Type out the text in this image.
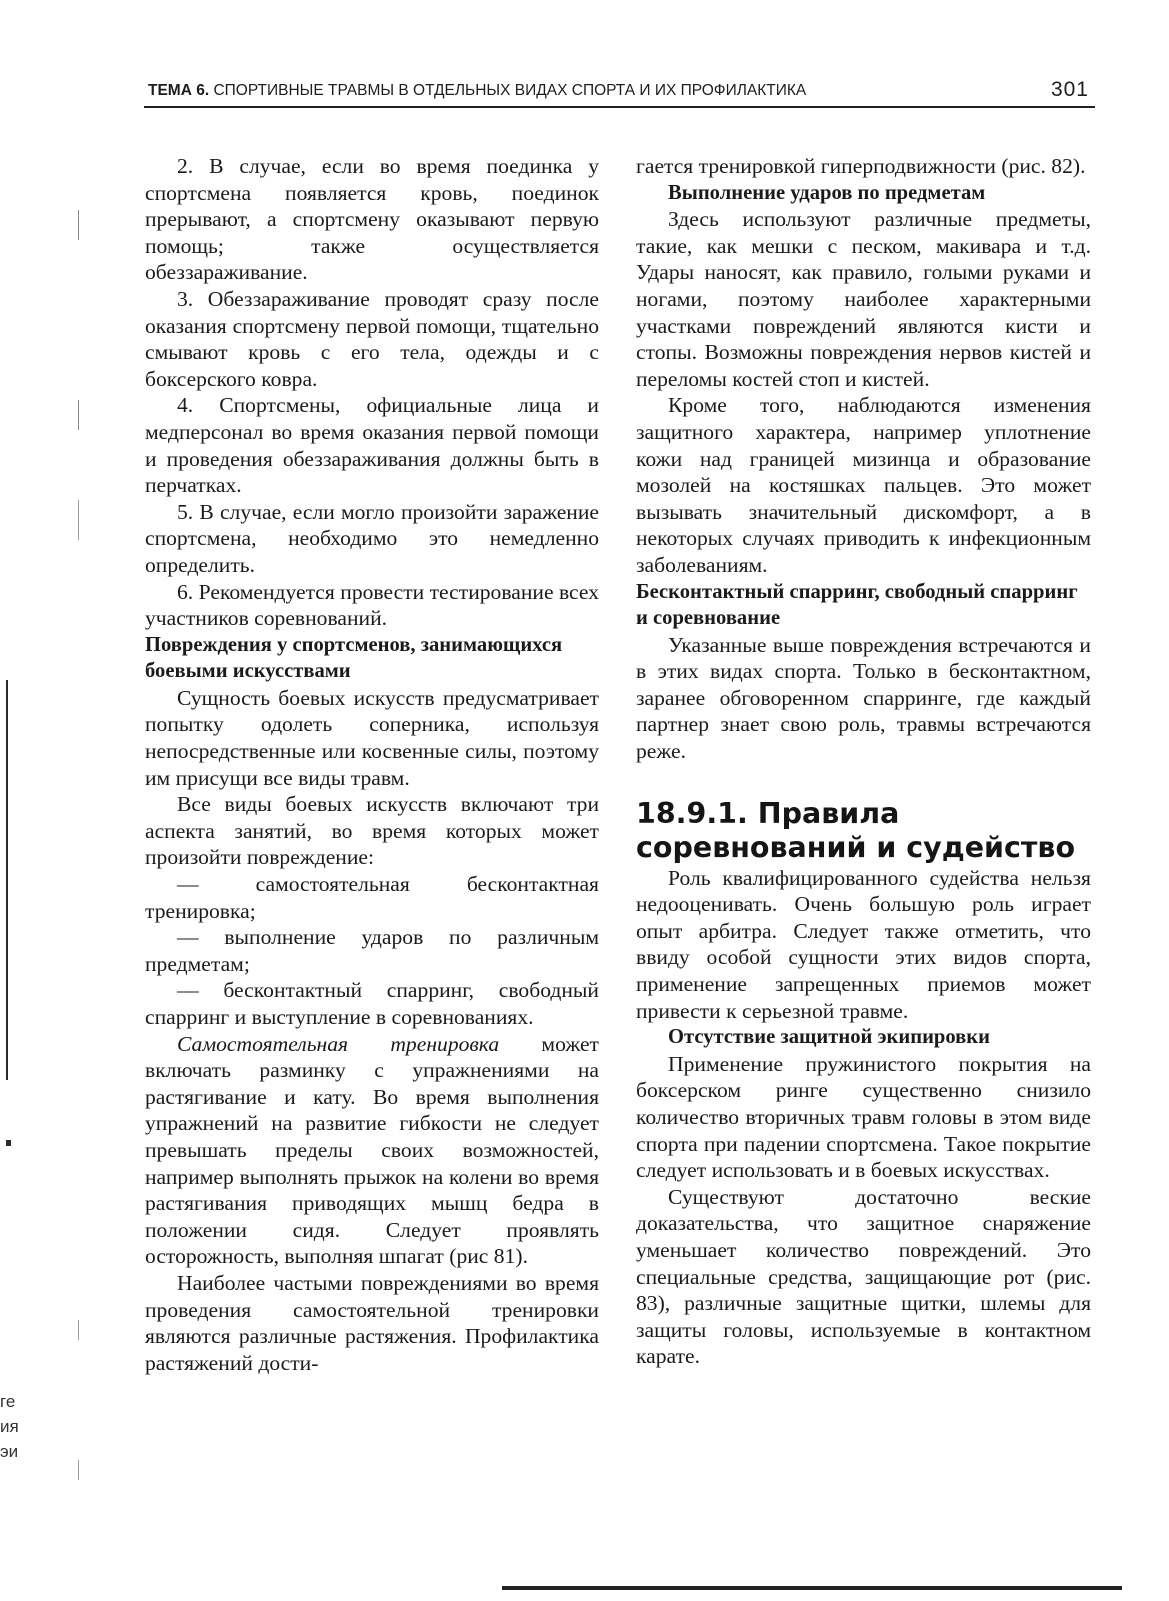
ТЕМА 6. СПОРТИВНЫЕ ТРАВМЫ В ОТДЕЛЬНЫХ ВИДАХ СПОРТА И ИХ ПРОФИЛАКТИКА	301

2. В случае, если во время поединка у спортсмена появляется кровь, поединок прерывают, а спортсмену оказывают первую помощь; также осуществляется обеззараживание.

3. Обеззараживание проводят сразу после оказания спортсмену первой помощи, тщательно смывают кровь с его тела, одежды и с боксерского ковра.

4. Спортсмены, официальные лица и медперсонал во время оказания первой помощи и проведения обеззараживания должны быть в перчатках.

5. В случае, если могло произойти заражение спортсмена, необходимо это немедленно определить.

6. Рекомендуется провести тестирование всех участников соревнований.

Повреждения у спортсменов, занимающихся боевыми искусствами

Сущность боевых искусств предусматривает попытку одолеть соперника, используя непосредственные или косвенные силы, поэтому им присущи все виды травм.

Все виды боевых искусств включают три аспекта занятий, во время которых может произойти повреждение:

— самостоятельная бесконтактная тренировка;

— выполнение ударов по различным предметам;

— бесконтактный спарринг, свободный спарринг и выступление в соревнованиях.

Самостоятельная тренировка может включать разминку с упражнениями на растягивание и кату. Во время выполнения упражнений на развитие гибкости не следует превышать пределы своих возможностей, например выполнять прыжок на колени во время растягивания приводящих мышц бедра в положении сидя. Следует проявлять осторожность, выполняя шпагат (рис 81).

Наиболее частыми повреждениями во время проведения самостоятельной тренировки являются различные растяжения. Профилактика растяжений дости-

гается тренировкой гиперподвижности (рис. 82).

Выполнение ударов по предметам

Здесь используют различные предметы, такие, как мешки с песком, макивара и т.д. Удары наносят, как правило, голыми руками и ногами, поэтому наиболее характерными участками повреждений являются кисти и стопы. Возможны повреждения нервов кистей и переломы костей стоп и кистей.

Кроме того, наблюдаются изменения защитного характера, например уплотнение кожи над границей мизинца и образование мозолей на костяшках пальцев. Это может вызывать значительный дискомфорт, а в некоторых случаях приводить к инфекционным заболеваниям.

Бесконтактный спарринг, свободный спарринг и соревнование

Указанные выше повреждения встречаются и в этих видах спорта. Только в бесконтактном, заранее обговоренном спарринге, где каждый партнер знает свою роль, травмы встречаются реже.

18.9.1. Правила соревнований и судейство

Роль квалифицированного судейства нельзя недооценивать. Очень большую роль играет опыт арбитра. Следует также отметить, что ввиду особой сущности этих видов спорта, применение запрещенных приемов может привести к серьезной травме.

Отсутствие защитной экипировки

Применение пружинистого покрытия на боксерском ринге существенно снизило количество вторичных травм головы в этом виде спорта при падении спортсмена. Такое покрытие следует использовать и в боевых искусствах.

Существуют достаточно веские доказательства, что защитное снаряжение уменьшает количество повреждений. Это специальные средства, защищающие рот (рис. 83), различные защитные щитки, шлемы для защиты головы, используемые в контактном карате.

ге
ия
эи
